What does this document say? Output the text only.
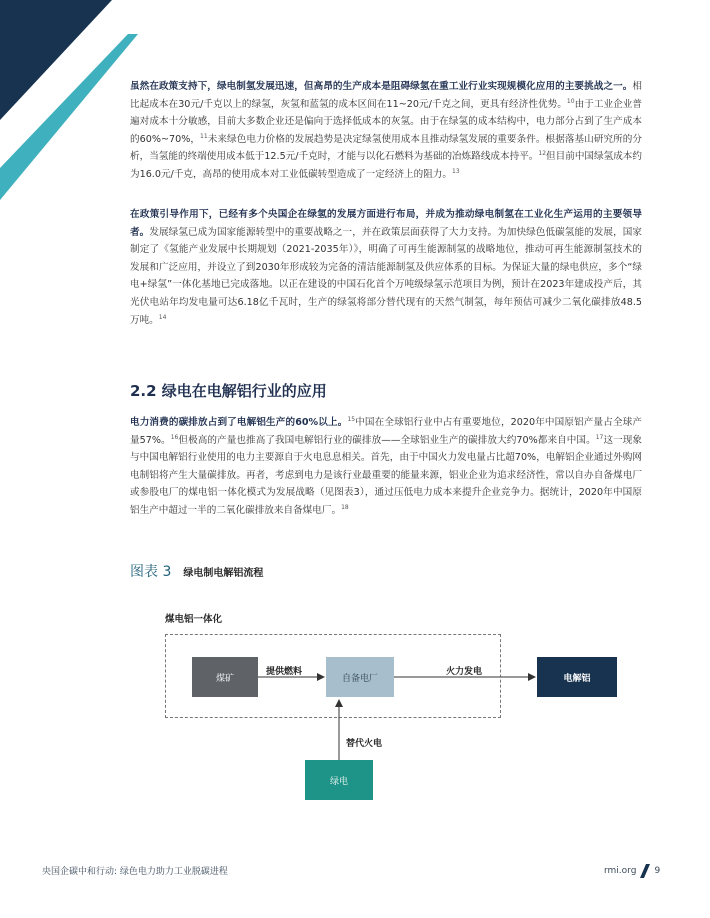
虽然在政策支持下，绿电制氢发展迅速，但高昂的生产成本是阻碍绿氢在重工业行业实现规模化应用的主要挑战之一。相比起成本在30元/千克以上的绿氢，灰氢和蓝氢的成本区间在11~20元/千克之间，更具有经济性优势。$^{10}$由于工业企业普遍对成本十分敏感，目前大多数企业还是偏向于选择低成本的灰氢。由于在绿氢的成本结构中，电力部分占到了生产成本的60%~70%，$^{11}$未来绿色电力价格的发展趋势是决定绿氢使用成本且推动绿氢发展的重要条件。根据落基山研究所的分析，当氢能的终端使用成本低于12.5元/千克时，才能与以化石燃料为基础的冶炼路线成本持平。$^{12}$但目前中国绿氢成本约为16.0元/千克，高昂的使用成本对工业低碳转型造成了一定经济上的阻力。$^{13}$
在政策引导作用下，已经有多个央国企在绿氢的发展方面进行布局，并成为推动绿电制氢在工业化生产运用的主要领导者。发展绿氢已成为国家能源转型中的重要战略之一，并在政策层面获得了大力支持。为加快绿色低碳氢能的发展，国家制定了《氢能产业发展中长期规划（2021-2035年）》，明确了可再生能源制氢的战略地位，推动可再生能源制氢技术的发展和广泛应用，并设立了到2030年形成较为完备的清洁能源制氢及供应体系的目标。为保证大量的绿电供应，多个“绿电+绿氢”一体化基地已完成落地。以正在建设的中国石化首个万吨级绿氢示范项目为例，预计在2023年建成投产后，其光伏电站年均发电量可达6.18亿千瓦时，生产的绿氢将部分替代现有的天然气制氢，每年预估可减少二氧化碳排放48.5万吨。$^{14}$
2.2 绿电在电解铝行业的应用
电力消费的碳排放占到了电解铝生产的60%以上。$^{15}$中国在全球铝行业中占有重要地位，2020年中国原铝产量占全球产量57%。$^{16}$但极高的产量也推高了我国电解铝行业的碳排放——全球铝业生产的碳排放大约70%都来自中国。$^{17}$这一现象与中国电解铝行业使用的电力主要源自于火电息息相关。首先，由于中国火力发电量占比超70%，电解铝企业通过外购网电制铝将产生大量碳排放。再者，考虑到电力是该行业最重要的能量来源，铝业企业为追求经济性，常以自办自备煤电厂或参股电厂的煤电铝一体化模式为发展战略（见图表3），通过压低电力成本来提升企业竞争力。据统计，2020年中国原铝生产中超过一半的二氧化碳排放来自备煤电厂。$^{18}$
图表 3 绿电制电解铝流程
煤电铝一体化
煤矿	自备电厂	电解铝
绿电
提供燃料	火力发电
替代火电
央国企碳中和行动: 绿色电力助力工业脱碳进程	rmi.org 9
